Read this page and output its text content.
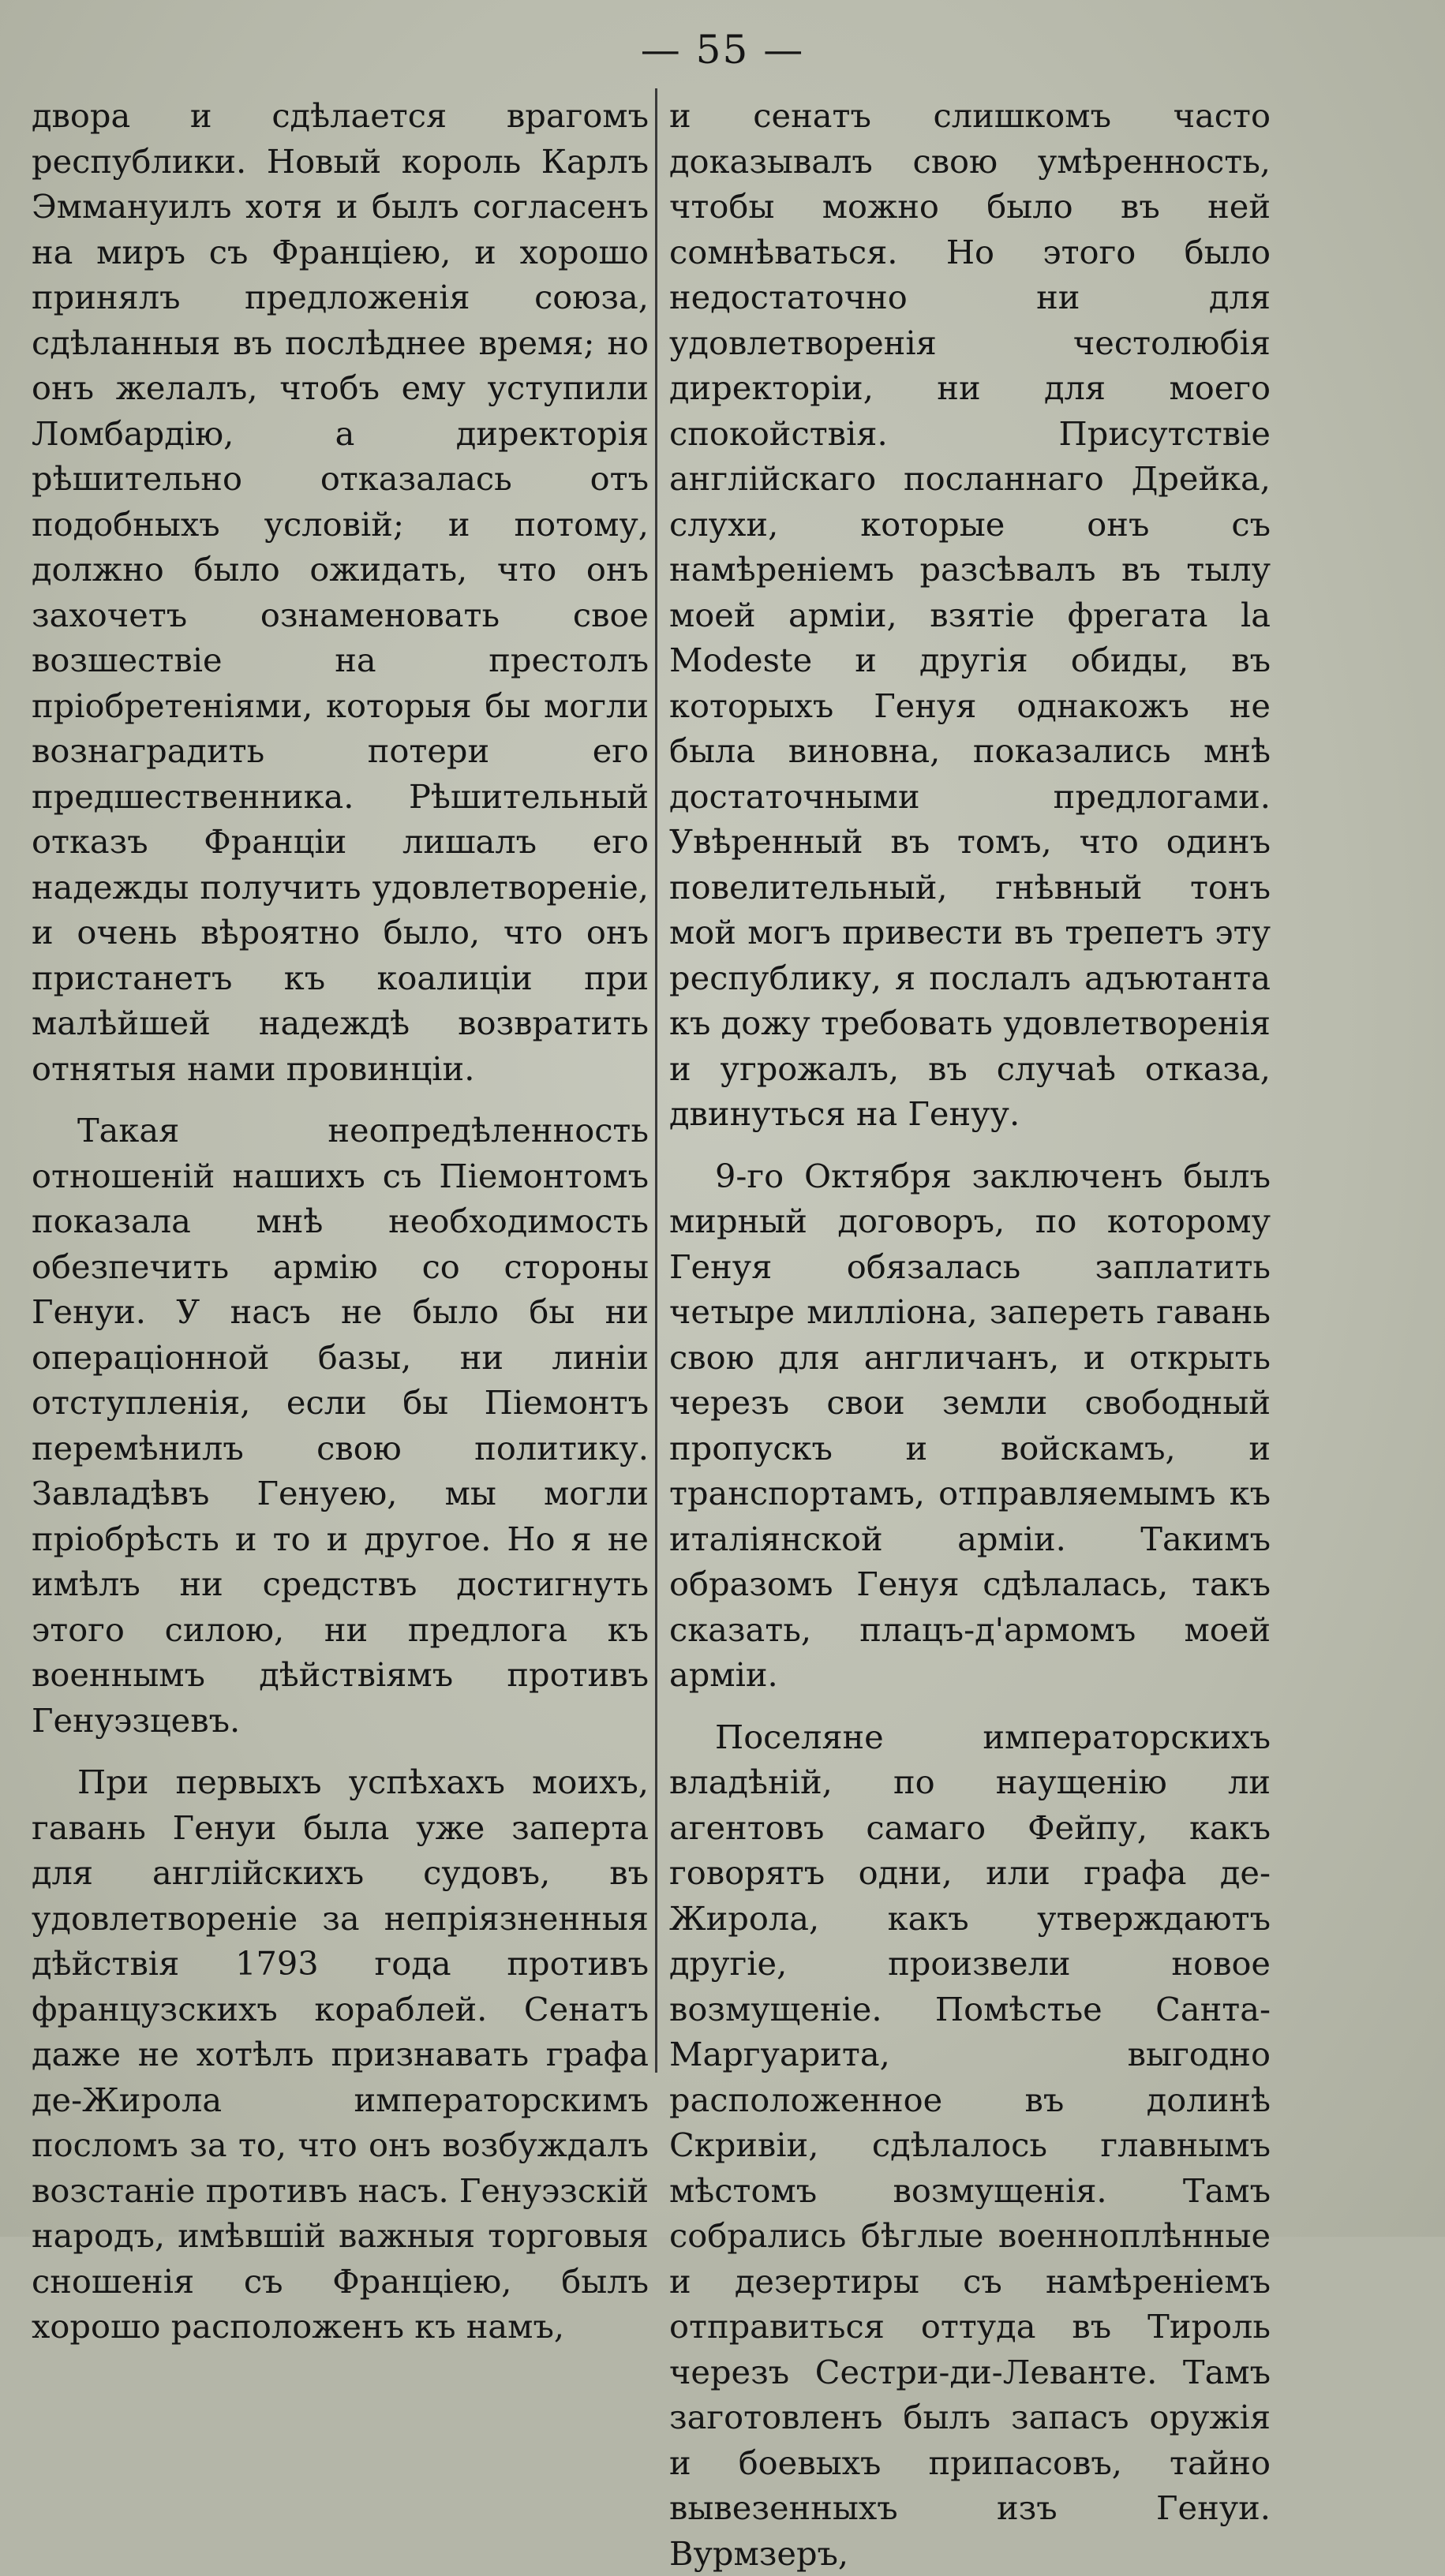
— 55 —

двора и сдѣлается врагомъ республики. Новый король Карлъ Эммануилъ хотя и былъ согласенъ на миръ съ Францiею, и хорошо принялъ предложенiя союза, сдѣланныя въ послѣднее время; но онъ желалъ, чтобъ ему уступили Ломбардiю, а директорiя рѣшительно отказалась отъ подобныхъ условiй; и потому, должно было ожидать, что онъ захочетъ ознаменовать свое возшествiе на престолъ прiобретенiями, которыя бы могли вознаградить потери его предшественника. Рѣшительный отказъ Францiи лишалъ его надежды получить удовлетворенiе, и очень вѣроятно было, что онъ пристанетъ къ коалицiи при малѣйшей надеждѣ возвратить отнятыя нами провинцiи.

Такая неопредѣленность отношенiй нашихъ съ Пiемонтомъ показала мнѣ необходимость обезпечить армiю со стороны Генуи. У насъ не было бы ни операцiонной базы, ни линiи отступленiя, если бы Пiемонтъ перемѣнилъ свою политику. Завладѣвъ Генуею, мы могли прiобрѣсть и то и другое. Но я не имѣлъ ни средствъ достигнуть этого силою, ни предлога къ военнымъ дѣйствiямъ противъ Генуэзцевъ.

При первыхъ успѣхахъ моихъ, гавань Генуи была уже заперта для англiйскихъ судовъ, въ удовлетворенiе за непрiязненныя дѣйствiя 1793 года противъ французскихъ кораблей. Сенатъ даже не хотѣлъ признавать графа де-Жирола императорскимъ посломъ за то, что онъ возбуждалъ возстанiе противъ насъ. Генуэзскiй народъ, имѣвшiй важныя торговыя сношенiя съ Францiею, былъ хорошо расположенъ къ намъ,

и сенатъ слишкомъ часто доказывалъ свою умѣренность, чтобы можно было въ ней сомнѣваться. Но этого было недостаточно ни для удовлетворенiя честолюбiя директорiи, ни для моего спокойствiя. Присутствiе англiйскаго посланнаго Дрейка, слухи, которые онъ съ намѣренiемъ разсѣвалъ въ тылу моей армiи, взятiе фрегата la Modeste и другiя обиды, въ которыхъ Генуя однакожъ не была виновна, показались мнѣ достаточными предлогами. Увѣренный въ томъ, что одинъ повелительный, гнѣвный тонъ мой могъ привести въ трепетъ эту республику, я послалъ адъютанта къ дожу требовать удовлетворенiя и угрожалъ, въ случаѣ отказа, двинуться на Генуу.

9-го Октября заключенъ былъ мирный договоръ, по которому Генуя обязалась заплатить четыре миллiона, запереть гавань свою для англичанъ, и открыть черезъ свои земли свободный пропускъ и войскамъ, и транспортамъ, отправляемымъ къ италiянской армiи. Такимъ образомъ Генуя сдѣлалась, такъ сказать, плацъ-д'армомъ моей армiи.

Поселяне императорскихъ владѣнiй, по наущенiю ли агентовъ самаго Фейпу, какъ говорятъ одни, или графа де-Жирола, какъ утверждаютъ другiе, произвели новое возмущенiе. Помѣстье Санта-Маргуарита, выгодно расположенное въ долинѣ Скривiи, сдѣлалось главнымъ мѣстомъ возмущенiя. Тамъ собрались бѣглые военноплѣнные и дезертиры съ намѣренiемъ отправиться оттуда въ Тироль черезъ Сестри-ди-Леванте. Тамъ заготовленъ былъ запасъ оружiя и боевыхъ припасовъ, тайно вывезенныхъ изъ Генуи. Вурмзеръ,
